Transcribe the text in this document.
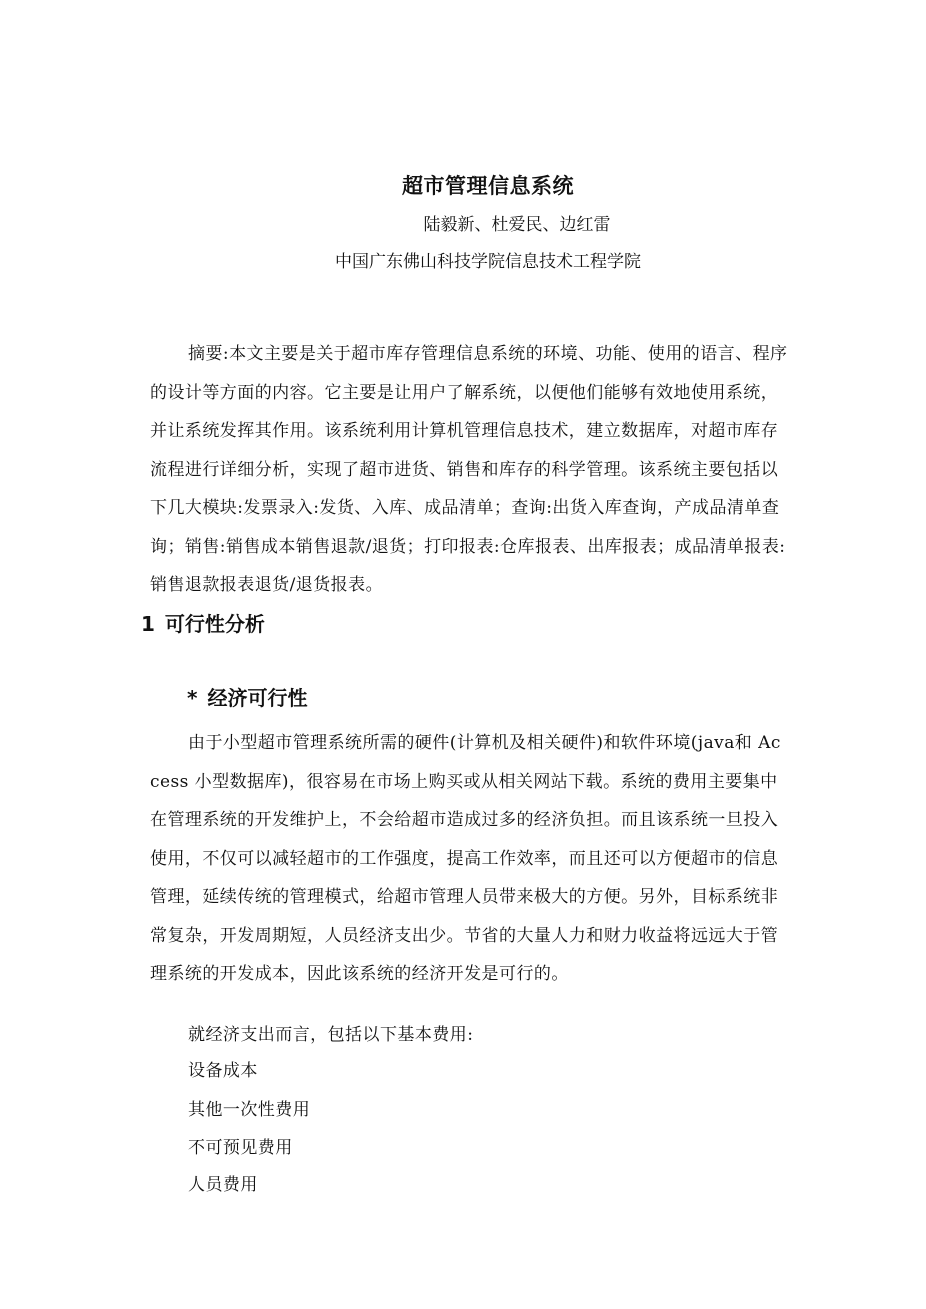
超市管理信息系统
陆毅新、杜爱民、边红雷
中国广东佛山科技学院信息技术工程学院

摘要:本文主要是关于超市库存管理信息系统的环境、功能、使用的语言、程序的设计等方面的内容。它主要是让用户了解系统，以便他们能够有效地使用系统，并让系统发挥其作用。该系统利用计算机管理信息技术，建立数据库，对超市库存流程进行详细分析，实现了超市进货、销售和库存的科学管理。该系统主要包括以下几大模块:发票录入:发货、入库、成品清单；查询:出货入库查询，产成品清单查询；销售:销售成本销售退款/退货；打印报表:仓库报表、出库报表；成品清单报表:销售退款报表退货/退货报表。

1 可行性分析
* 经济可行性

由于小型超市管理系统所需的硬件(计算机及相关硬件)和软件环境(java和 Access 小型数据库)，很容易在市场上购买或从相关网站下载。系统的费用主要集中在管理系统的开发维护上，不会给超市造成过多的经济负担。而且该系统一旦投入使用，不仅可以减轻超市的工作强度，提高工作效率，而且还可以方便超市的信息管理，延续传统的管理模式，给超市管理人员带来极大的方便。另外，目标系统非常复杂，开发周期短，人员经济支出少。节省的大量人力和财力收益将远远大于管理系统的开发成本，因此该系统的经济开发是可行的。

就经济支出而言，包括以下基本费用:
设备成本
其他一次性费用
不可预见费用
人员费用
